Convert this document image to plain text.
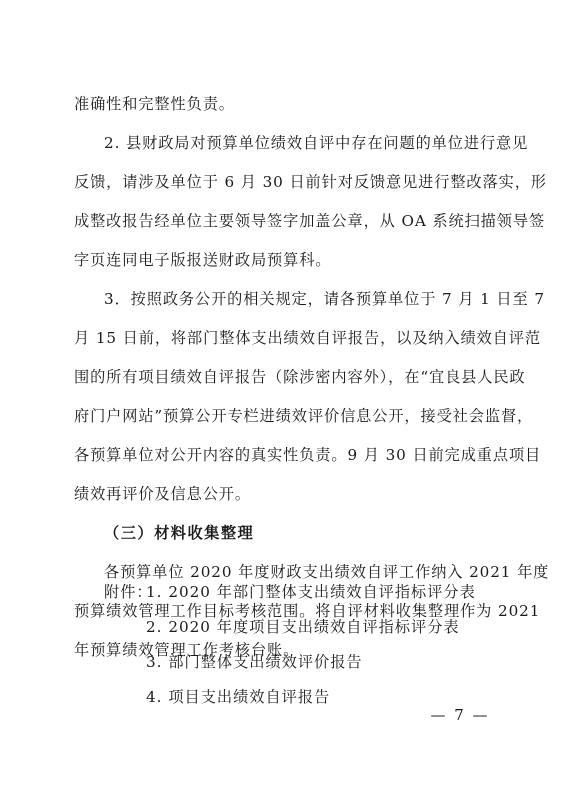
准确性和完整性负责。
2. 县财政局对预算单位绩效自评中存在问题的单位进行意见
反馈，请涉及单位于 6 月 30 日前针对反馈意见进行整改落实，形
成整改报告经单位主要领导签字加盖公章，从 OA 系统扫描领导签
字页连同电子版报送财政局预算科。
3．按照政务公开的相关规定，请各预算单位于 7 月 1 日至 7
月 15 日前，将部门整体支出绩效自评报告，以及纳入绩效自评范
围的所有项目绩效自评报告（除涉密内容外），在“宜良县人民政
府门户网站”预算公开专栏进绩效评价信息公开，接受社会监督，
各预算单位对公开内容的真实性负责。9 月 30 日前完成重点项目
绩效再评价及信息公开。
（三）材料收集整理
各预算单位 2020 年度财政支出绩效自评工作纳入 2021 年度
预算绩效管理工作目标考核范围。将自评材料收集整理作为 2021
年预算绩效管理工作考核台账。
附件：
1. 2020 年部门整体支出绩效自评指标评分表
2. 2020 年度项目支出绩效自评指标评分表
3. 部门整体支出绩效评价报告
4. 项目支出绩效自评报告
— 7 —
